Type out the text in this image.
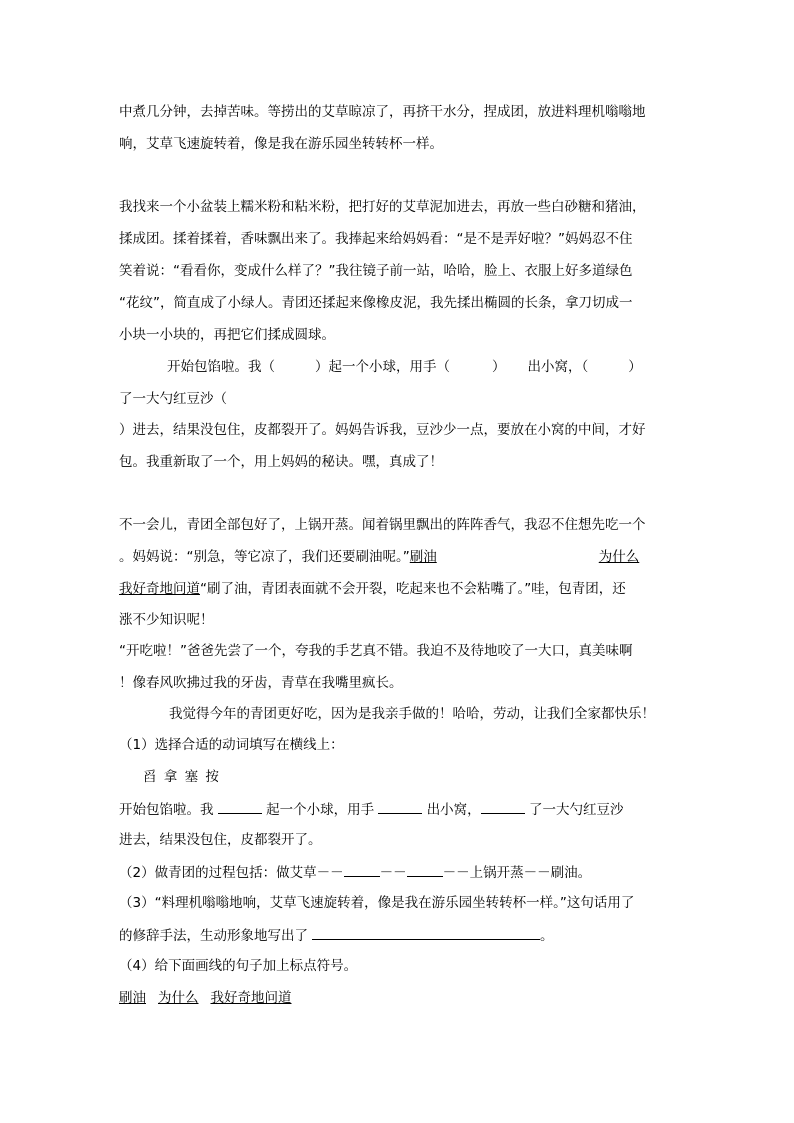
中煮几分钟，去掉苦味。等捞出的艾草晾凉了，再挤干水分，捏成团，放进料理机嗡嗡地
响，艾草飞速旋转着，像是我在游乐园坐转转杯一样。
我找来一个小盆装上糯米粉和粘米粉，把打好的艾草泥加进去，再放一些白砂糖和猪油，
揉成团。揉着揉着，香味飘出来了。我捧起来给妈妈看：“是不是弄好啦？”妈妈忍不住
笑着说：“看看你，变成什么样了？”我往镜子前一站，哈哈，脸上、衣服上好多道绿色
“花纹”，简直成了小绿人。青团还揉起来像橡皮泥，我先揉出椭圆的长条，拿刀切成一
小块一小块的，再把它们揉成圆球。
开始包馅啦。我（	）起一个小球，用手（	） 出小窝，（	）
了一大勺红豆沙（
）进去，结果没包住，皮都裂开了。妈妈告诉我，豆沙少一点，要放在小窝的中间，才好
包。我重新取了一个，用上妈妈的秘诀。嘿，真成了！
不一会儿，青团全部包好了，上锅开蒸。闻着锅里飘出的阵阵香气，我忍不住想先吃一个
。妈妈说：“别急，等它凉了，我们还要刷油呢。”刷油	为什么
我好奇地问道“刷了油，青团表面就不会开裂，吃起来也不会粘嘴了。”哇，包青团，还
涨不少知识呢！
“开吃啦！”爸爸先尝了一个，夸我的手艺真不错。我迫不及待地咬了一大口，真美味啊
！像春风吹拂过我的牙齿，青草在我嘴里疯长。
我觉得今年的青团更好吃，因为是我亲手做的！哈哈，劳动，让我们全家都快乐！
（1）选择合适的动词填写在横线上：
舀 拿 塞 按
开始包馅啦。我	起一个小球，用手	出小窝，	了一大勺红豆沙
进去，结果没包住，皮都裂开了。
（2）做青团的过程包括：做艾草－－	－－	－－上锅开蒸－－刷油。
（3）“料理机嗡嗡地响，艾草飞速旋转着，像是我在游乐园坐转转杯一样。”这句话用了
的修辞手法，生动形象地写出了	。
（4）给下面画线的句子加上标点符号。
刷油 为什么 我好奇地问道
